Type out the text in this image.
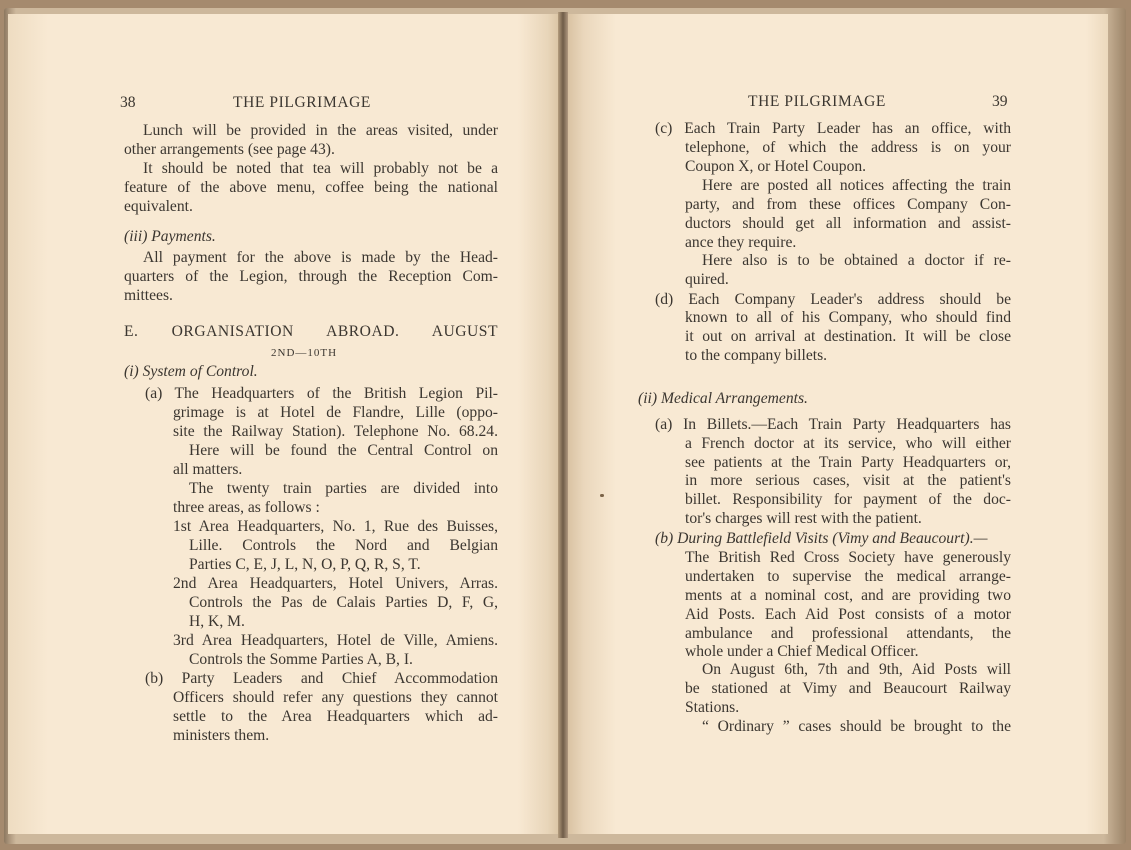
38	THE PILGRIMAGE
Lunch will be provided in the areas visited, under
other arrangements (see page 43).
It should be noted that tea will probably not be a
feature of the above menu, coffee being the national
equivalent.
(iii) Payments.
All payment for the above is made by the Head-
quarters of the Legion, through the Reception Com-
mittees.
E. ORGANISATION ABROAD. AUGUST
2ND—10TH
(i) System of Control.
(a) The Headquarters of the British Legion Pil-
grimage is at Hotel de Flandre, Lille (oppo-
site the Railway Station). Telephone No. 68.24.
Here will be found the Central Control on
all matters.
The twenty train parties are divided into
three areas, as follows :
1st Area Headquarters, No. 1, Rue des Buisses,
Lille. Controls the Nord and Belgian
Parties C, E, J, L, N, O, P, Q, R, S, T.
2nd Area Headquarters, Hotel Univers, Arras.
Controls the Pas de Calais Parties D, F, G,
H, K, M.
3rd Area Headquarters, Hotel de Ville, Amiens.
Controls the Somme Parties A, B, I.
(b) Party Leaders and Chief Accommodation
Officers should refer any questions they cannot
settle to the Area Headquarters which ad-
ministers them.
THE PILGRIMAGE	39
(c) Each Train Party Leader has an office, with
telephone, of which the address is on your
Coupon X, or Hotel Coupon.
Here are posted all notices affecting the train
party, and from these offices Company Con-
ductors should get all information and assist-
ance they require.
Here also is to be obtained a doctor if re-
quired.
(d) Each Company Leader's address should be
known to all of his Company, who should find
it out on arrival at destination. It will be close
to the company billets.
(ii) Medical Arrangements.
(a) In Billets.—Each Train Party Headquarters has
a French doctor at its service, who will either
see patients at the Train Party Headquarters or,
in more serious cases, visit at the patient's
billet. Responsibility for payment of the doc-
tor's charges will rest with the patient.
(b) During Battlefield Visits (Vimy and Beaucourt).—
The British Red Cross Society have generously
undertaken to supervise the medical arrange-
ments at a nominal cost, and are providing two
Aid Posts. Each Aid Post consists of a motor
ambulance and professional attendants, the
whole under a Chief Medical Officer.
On August 6th, 7th and 9th, Aid Posts will
be stationed at Vimy and Beaucourt Railway
Stations.
“ Ordinary ” cases should be brought to the
